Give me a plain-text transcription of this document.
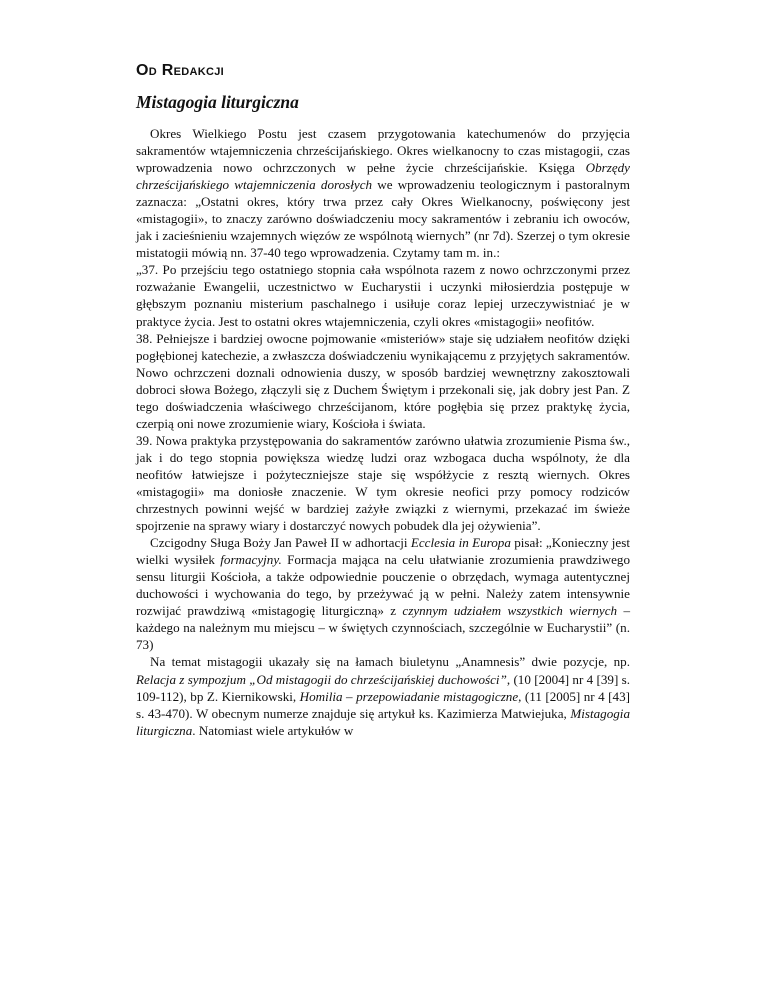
Od Redakcji
Mistagogia liturgiczna

Okres Wielkiego Postu jest czasem przygotowania katechumenów do przyjęcia sakramentów wtajemniczenia chrześcijańskiego. Okres wielkanocny to czas mistagogii, czas wprowadzenia nowo ochrzczonych w pełne życie chrześcijańskie. Księga Obrzędy chrześcijańskiego wtajemniczenia dorosłych we wprowadzeniu teologicznym i pastoralnym zaznacza: „Ostatni okres, który trwa przez cały Okres Wielkanocny, poświęcony jest «mistagogii», to znaczy zarówno doświadczeniu mocy sakramentów i zebraniu ich owoców, jak i zacieśnieniu wzajemnych więzów ze wspólnotą wiernych” (nr 7d). Szerzej o tym okresie mistatogii mówią nn. 37-40 tego wprowadzenia. Czytamy tam m. in.:

„37. Po przejściu tego ostatniego stopnia cała wspólnota razem z nowo ochrzczonymi przez rozważanie Ewangelii, uczestnictwo w Eucharystii i uczynki miłosierdzia postępuje w głębszym poznaniu misterium paschalnego i usiłuje coraz lepiej urzeczywistniać je w praktyce życia. Jest to ostatni okres wtajemniczenia, czyli okres «mistagogii» neofitów.

38. Pełniejsze i bardziej owocne pojmowanie «misteriów» staje się udziałem neofitów dzięki pogłębionej katechezie, a zwłaszcza doświadczeniu wynikającemu z przyjętych sakramentów. Nowo ochrzczeni doznali odnowienia duszy, w sposób bardziej wewnętrzny zakosztowali dobroci słowa Bożego, złączyli się z Duchem Świętym i przekonali się, jak dobry jest Pan. Z tego doświadczenia właściwego chrześcijanom, które pogłębia się przez praktykę życia, czerpią oni nowe zrozumienie wiary, Kościoła i świata.

39. Nowa praktyka przystępowania do sakramentów zarówno ułatwia zrozumienie Pisma św., jak i do tego stopnia powiększa wiedzę ludzi oraz wzbogaca ducha wspólnoty, że dla neofitów łatwiejsze i pożyteczniejsze staje się współżycie z resztą wiernych. Okres «mistagogii» ma doniosłe znaczenie. W tym okresie neofici przy pomocy rodziców chrzestnych powinni wejść w bardziej zażyłe związki z wiernymi, przekazać im świeże spojrzenie na sprawy wiary i dostarczyć nowych pobudek dla jej ożywienia”.

Czcigodny Sługa Boży Jan Paweł II w adhortacji Ecclesia in Europa pisał: „Konieczny jest wielki wysiłek formacyjny. Formacja mająca na celu ułatwianie zrozumienia prawdziwego sensu liturgii Kościoła, a także odpowiednie pouczenie o obrzędach, wymaga autentycznej duchowości i wychowania do tego, by przeżywać ją w pełni. Należy zatem intensywnie rozwijać prawdziwą «mistagogię liturgiczną» z czynnym udziałem wszystkich wiernych – każdego na należnym mu miejscu – w świętych czynnościach, szczególnie w Eucharystii” (n. 73)

Na temat mistagogii ukazały się na łamach biuletynu „Anamnesis” dwie pozycje, np. Relacja z sympozjum „Od mistagogii do chrześcijańskiej duchowości”, (10 [2004] nr 4 [39] s. 109-112), bp Z. Kiernikowski, Homilia – przepowiadanie mistagogiczne, (11 [2005] nr 4 [43] s. 43-470). W obecnym numerze znajduje się artykuł ks. Kazimierza Matwiejuka, Mistagogia liturgiczna. Natomiast wiele artykułów w
